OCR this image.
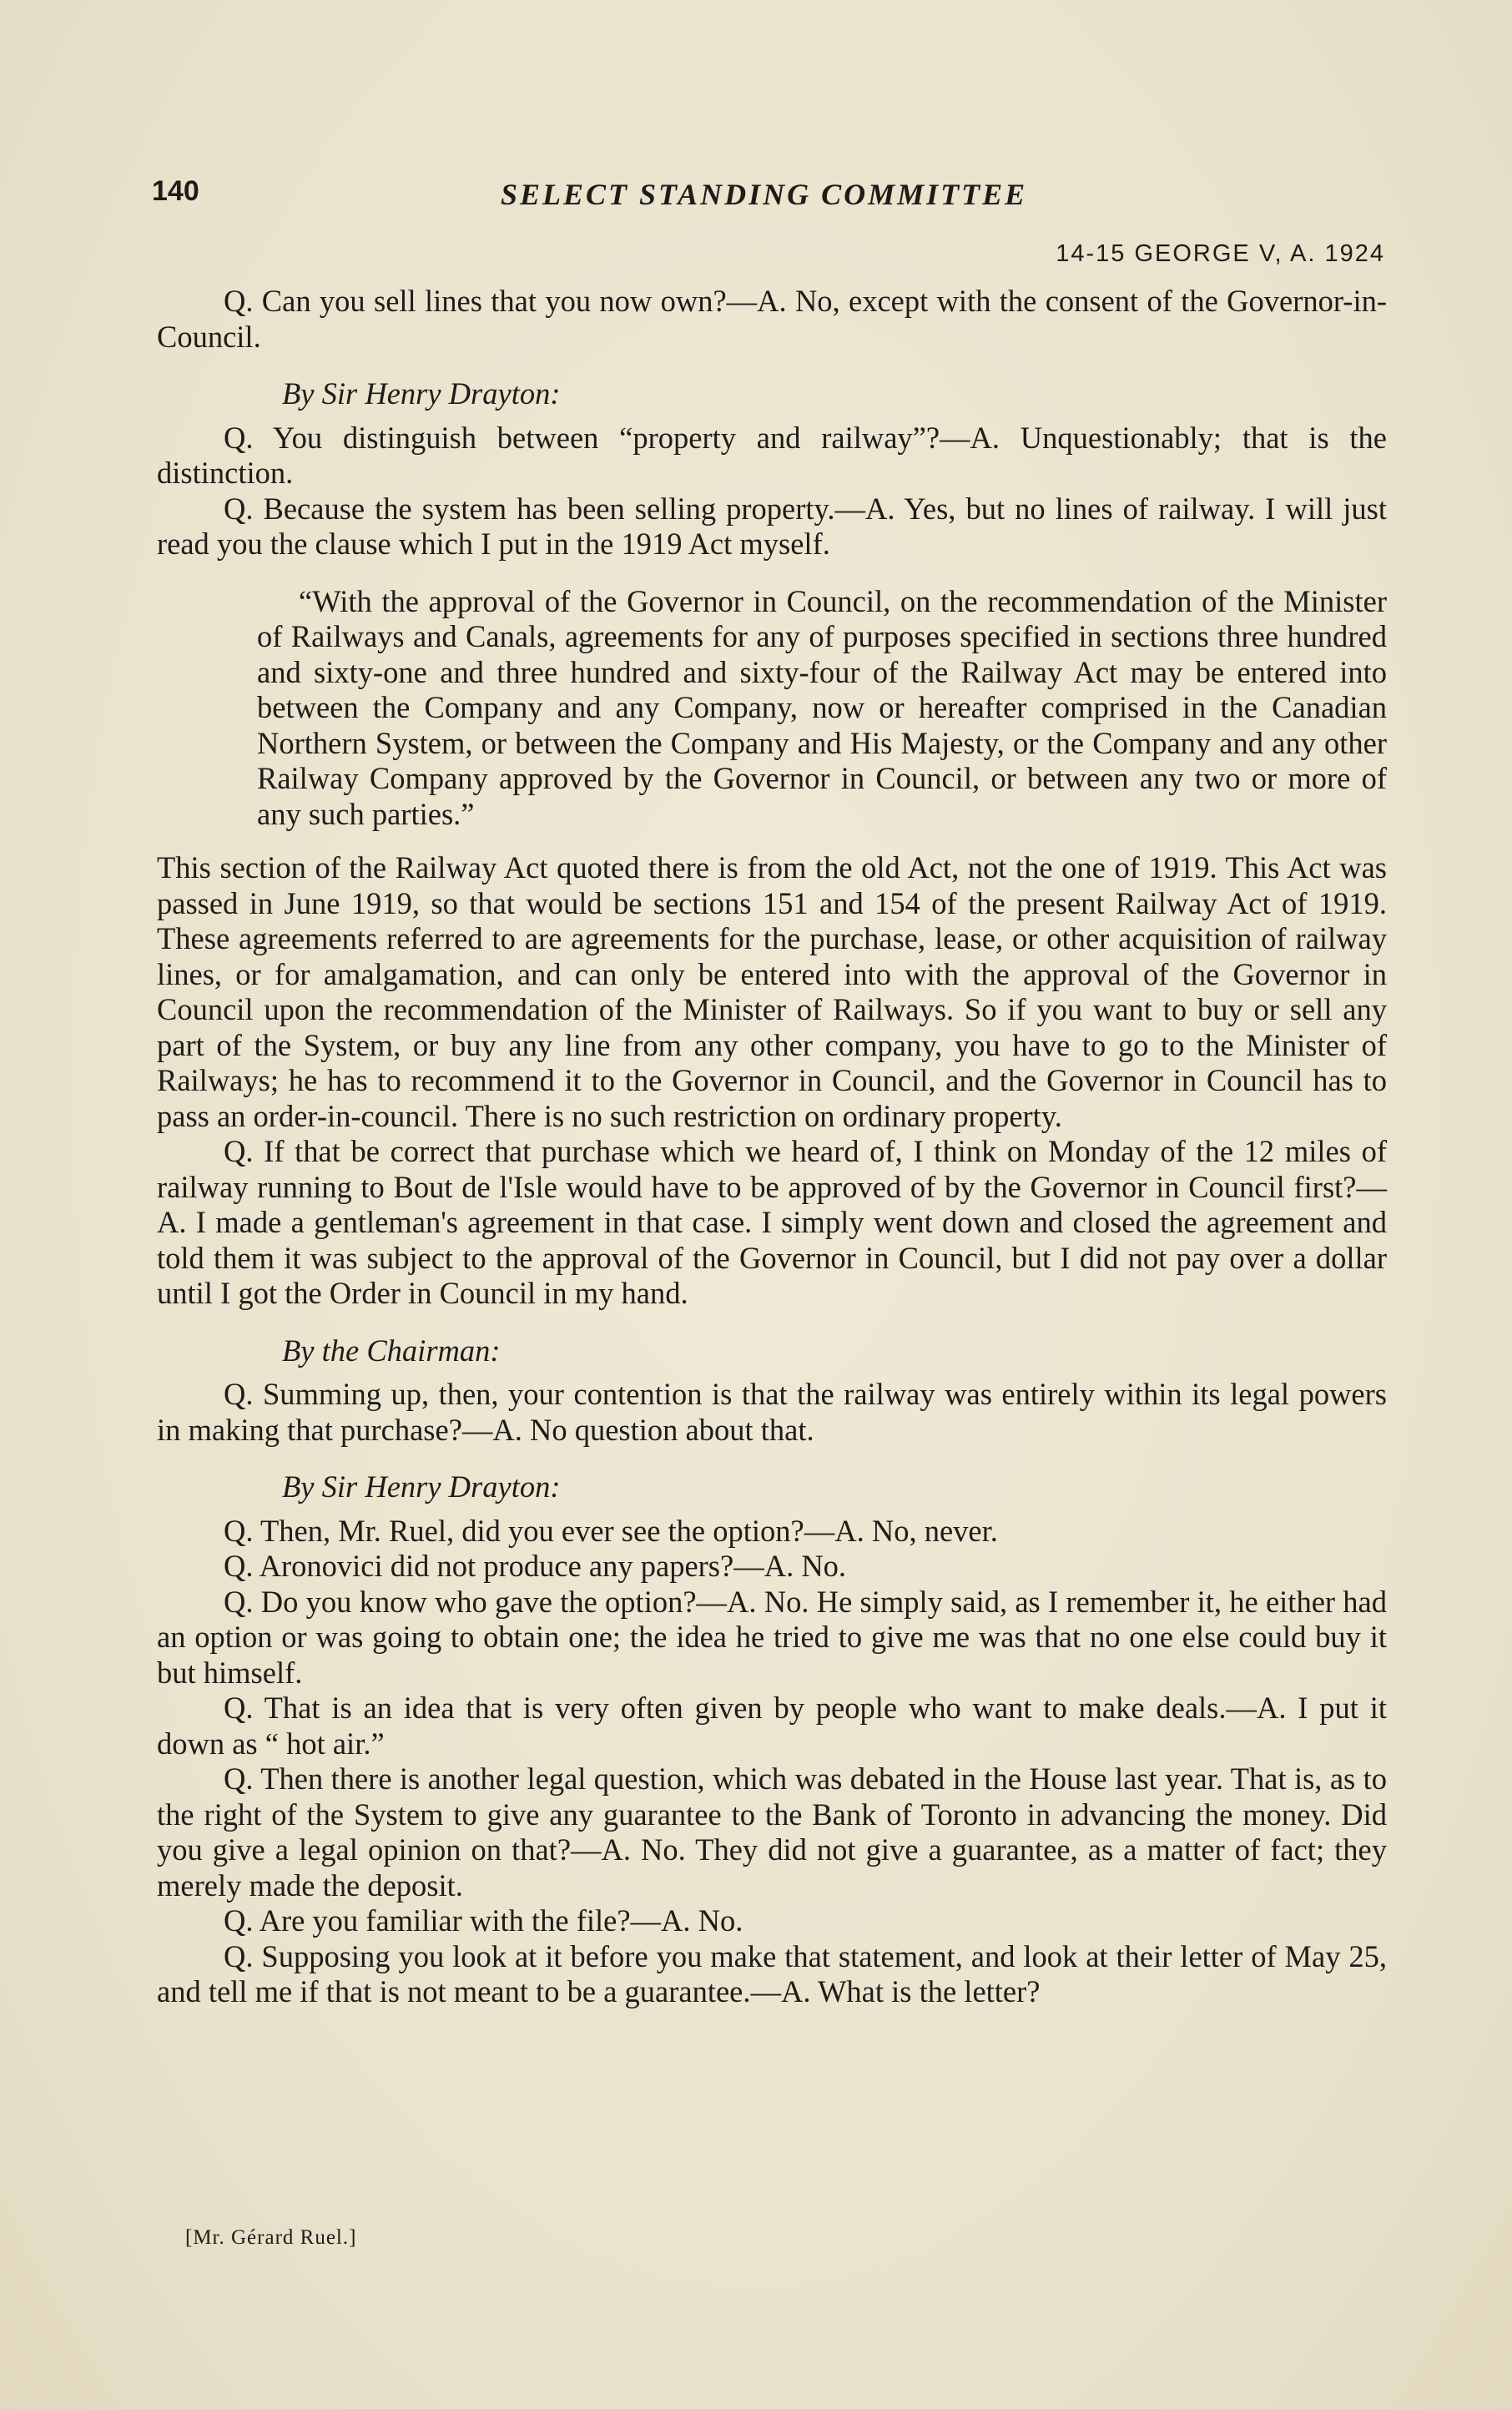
140	SELECT STANDING COMMITTEE
14-15 GEORGE V, A. 1924

Q. Can you sell lines that you now own?—A. No, except with the consent of the Governor-in-Council.

By Sir Henry Drayton:

Q. You distinguish between “property and railway”?—A. Unquestionably; that is the distinction.

Q. Because the system has been selling property.—A. Yes, but no lines of railway. I will just read you the clause which I put in the 1919 Act myself.

“With the approval of the Governor in Council, on the recommendation of the Minister of Railways and Canals, agreements for any of purposes specified in sections three hundred and sixty-one and three hundred and sixty-four of the Railway Act may be entered into between the Company and any Company, now or hereafter comprised in the Canadian Northern System, or between the Company and His Majesty, or the Company and any other Railway Company approved by the Governor in Council, or between any two or more of any such parties.”

This section of the Railway Act quoted there is from the old Act, not the one of 1919. This Act was passed in June 1919, so that would be sections 151 and 154 of the present Railway Act of 1919. These agreements referred to are agreements for the purchase, lease, or other acquisition of railway lines, or for amalgamation, and can only be entered into with the approval of the Governor in Council upon the recommendation of the Minister of Railways. So if you want to buy or sell any part of the System, or buy any line from any other company, you have to go to the Minister of Railways; he has to recommend it to the Governor in Council, and the Governor in Council has to pass an order-in-council. There is no such restriction on ordinary property.

Q. If that be correct that purchase which we heard of, I think on Monday of the 12 miles of railway running to Bout de l'Isle would have to be approved of by the Governor in Council first?—A. I made a gentleman's agreement in that case. I simply went down and closed the agreement and told them it was subject to the approval of the Governor in Council, but I did not pay over a dollar until I got the Order in Council in my hand.

By the Chairman:

Q. Summing up, then, your contention is that the railway was entirely within its legal powers in making that purchase?—A. No question about that.

By Sir Henry Drayton:

Q. Then, Mr. Ruel, did you ever see the option?—A. No, never.

Q. Aronovici did not produce any papers?—A. No.

Q. Do you know who gave the option?—A. No. He simply said, as I remember it, he either had an option or was going to obtain one; the idea he tried to give me was that no one else could buy it but himself.

Q. That is an idea that is very often given by people who want to make deals.—A. I put it down as “ hot air.”

Q. Then there is another legal question, which was debated in the House last year. That is, as to the right of the System to give any guarantee to the Bank of Toronto in advancing the money. Did you give a legal opinion on that?—A. No. They did not give a guarantee, as a matter of fact; they merely made the deposit.

Q. Are you familiar with the file?—A. No.

Q. Supposing you look at it before you make that statement, and look at their letter of May 25, and tell me if that is not meant to be a guarantee.—A. What is the letter?

[Mr. Gérard Ruel.]
